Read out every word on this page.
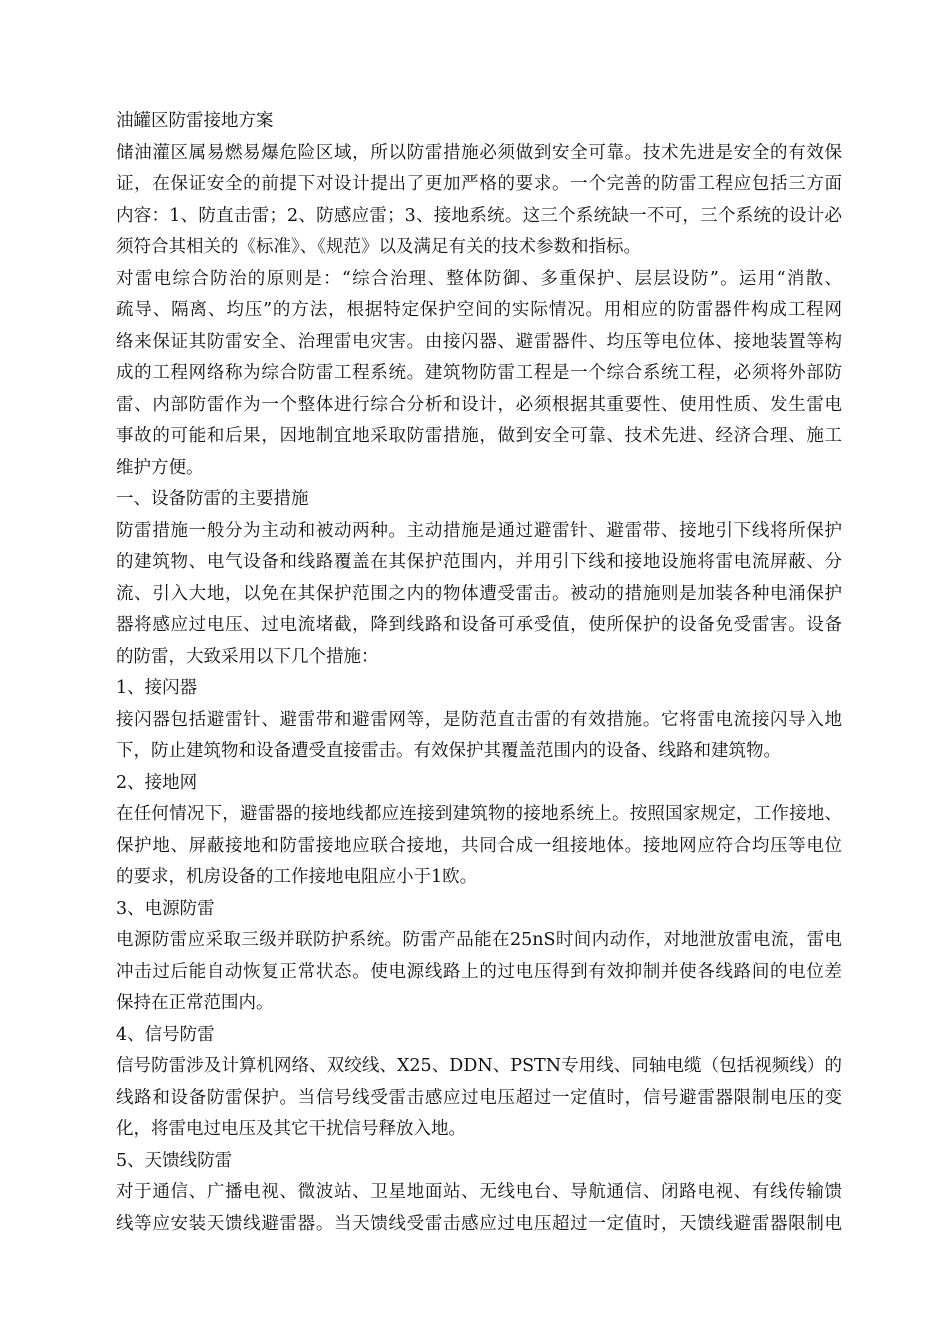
油罐区防雷接地方案
储油灌区属易燃易爆危险区域，所以防雷措施必须做到安全可靠。技术先进是安全的有效保
证，在保证安全的前提下对设计提出了更加严格的要求。一个完善的防雷工程应包括三方面
内容：1、防直击雷；2、防感应雷；3、接地系统。这三个系统缺一不可，三个系统的设计必
须符合其相关的《标准》、《规范》以及满足有关的技术参数和指标。
对雷电综合防治的原则是：“综合治理、整体防御、多重保护、层层设防”。运用“消散、
疏导、隔离、均压”的方法，根据特定保护空间的实际情况。用相应的防雷器件构成工程网
络来保证其防雷安全、治理雷电灾害。由接闪器、避雷器件、均压等电位体、接地装置等构
成的工程网络称为综合防雷工程系统。建筑物防雷工程是一个综合系统工程，必须将外部防
雷、内部防雷作为一个整体进行综合分析和设计，必须根据其重要性、使用性质、发生雷电
事故的可能和后果，因地制宜地采取防雷措施，做到安全可靠、技术先进、经济合理、施工
维护方便。
一、设备防雷的主要措施
防雷措施一般分为主动和被动两种。主动措施是通过避雷针、避雷带、接地引下线将所保护
的建筑物、电气设备和线路覆盖在其保护范围内，并用引下线和接地设施将雷电流屏蔽、分
流、引入大地，以免在其保护范围之内的物体遭受雷击。被动的措施则是加装各种电涌保护
器将感应过电压、过电流堵截，降到线路和设备可承受值，使所保护的设备免受雷害。设备
的防雷，大致采用以下几个措施：
1、接闪器
接闪器包括避雷针、避雷带和避雷网等，是防范直击雷的有效措施。它将雷电流接闪导入地
下，防止建筑物和设备遭受直接雷击。有效保护其覆盖范围内的设备、线路和建筑物。
2、接地网
在任何情况下，避雷器的接地线都应连接到建筑物的接地系统上。按照国家规定，工作接地、
保护地、屏蔽接地和防雷接地应联合接地，共同合成一组接地体。接地网应符合均压等电位
的要求，机房设备的工作接地电阻应小于1欧。
3、电源防雷
电源防雷应采取三级并联防护系统。防雷产品能在25nS时间内动作，对地泄放雷电流，雷电
冲击过后能自动恢复正常状态。使电源线路上的过电压得到有效抑制并使各线路间的电位差
保持在正常范围内。
4、信号防雷
信号防雷涉及计算机网络、双绞线、X25、DDN、PSTN专用线、同轴电缆（包括视频线）的
线路和设备防雷保护。当信号线受雷击感应过电压超过一定值时，信号避雷器限制电压的变
化，将雷电过电压及其它干扰信号释放入地。
5、天馈线防雷
对于通信、广播电视、微波站、卫星地面站、无线电台、导航通信、闭路电视、有线传输馈
线等应安装天馈线避雷器。当天馈线受雷击感应过电压超过一定值时，天馈线避雷器限制电
